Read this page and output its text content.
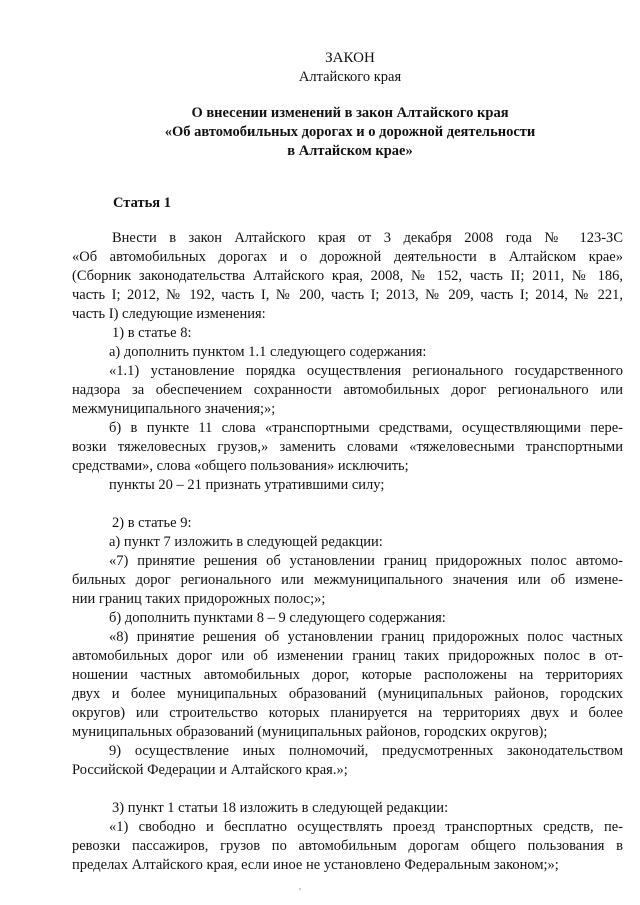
ЗАКОН
Алтайского края
О внесении изменений в закон Алтайского края
«Об автомобильных дорогах и о дорожной деятельности
в Алтайском крае»
Статья 1
Внести в закон Алтайского края от 3 декабря 2008 года № 123-ЗС
«Об автомобильных дорогах и о дорожной деятельности в Алтайском крае»
(Сборник законодательства Алтайского края, 2008, № 152, часть II; 2011, № 186,
часть I; 2012, № 192, часть I, № 200, часть I; 2013, № 209, часть I; 2014, № 221,
часть I) следующие изменения:
1) в статье 8:
а) дополнить пунктом 1.1 следующего содержания:
«1.1) установление порядка осуществления регионального государственного
надзора за обеспечением сохранности автомобильных дорог регионального или
межмуниципального значения;»;
б) в пункте 11 слова «транспортными средствами, осуществляющими пере-
возки тяжеловесных грузов,» заменить словами «тяжеловесными транспортными
средствами», слова «общего пользования» исключить;
пункты 20 – 21 признать утратившими силу;
2) в статье 9:
а) пункт 7 изложить в следующей редакции:
«7) принятие решения об установлении границ придорожных полос автомо-
бильных дорог регионального или межмуниципального значения или об измене-
нии границ таких придорожных полос;»;
б) дополнить пунктами 8 – 9 следующего содержания:
«8) принятие решения об установлении границ придорожных полос частных
автомобильных дорог или об изменении границ таких придорожных полос в от-
ношении частных автомобильных дорог, которые расположены на территориях
двух и более муниципальных образований (муниципальных районов, городских
округов) или строительство которых планируется на территориях двух и более
муниципальных образований (муниципальных районов, городских округов);
9) осуществление иных полномочий, предусмотренных законодательством
Российской Федерации и Алтайского края.»;
3) пункт 1 статьи 18 изложить в следующей редакции:
«1) свободно и бесплатно осуществлять проезд транспортных средств, пе-
ревозки пассажиров, грузов по автомобильным дорогам общего пользования в
пределах Алтайского края, если иное не установлено Федеральным законом;»;
